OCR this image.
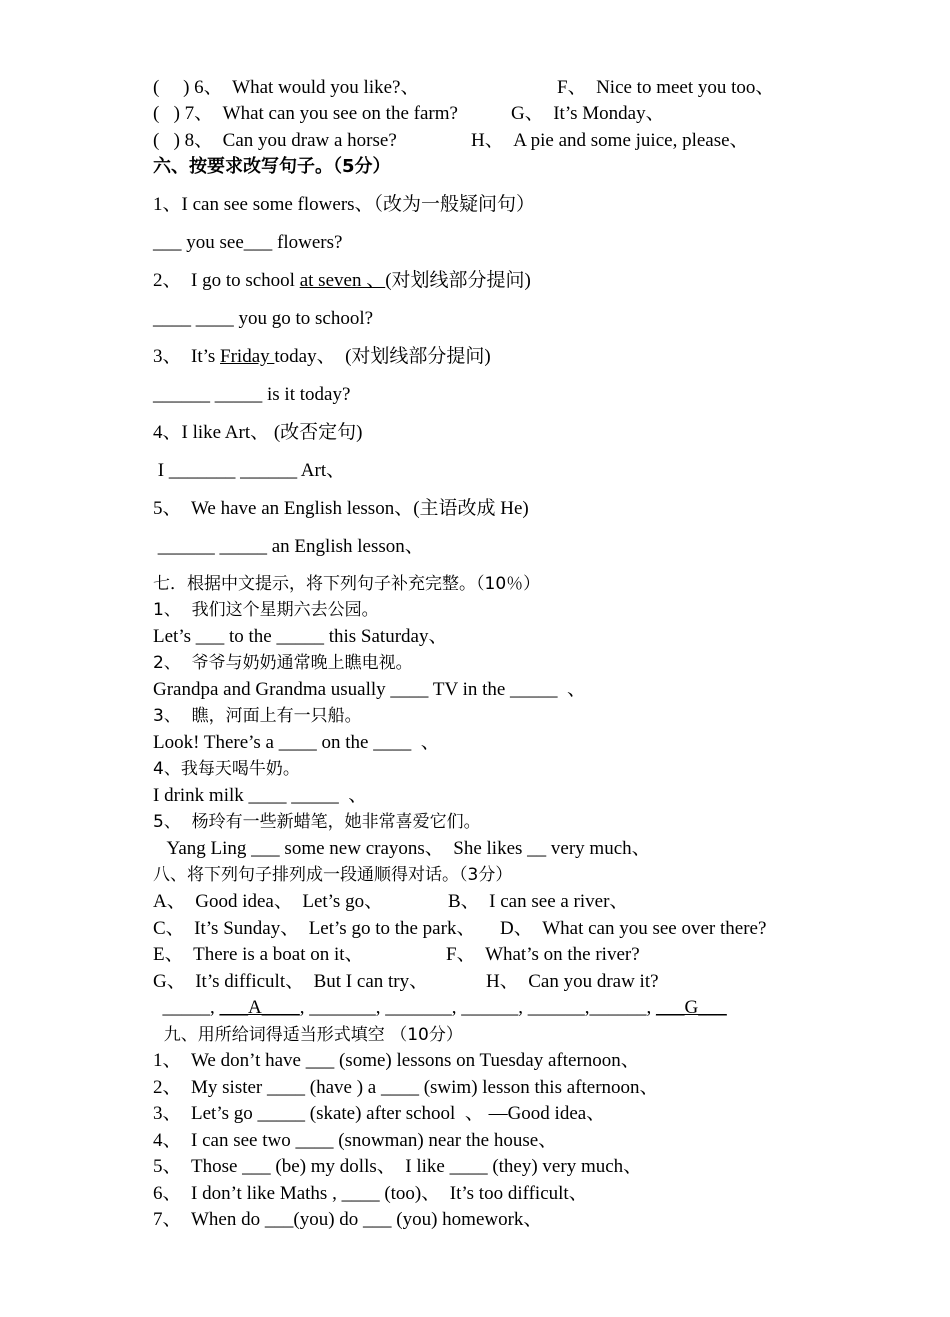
(     ) 6、  What would you like?、	F、  Nice to meet you too、
(   ) 7、  What can you see on the farm?	G、  It’s Monday、
(   ) 8、  Can you draw a horse?	H、  A pie and some juice, please、
六、按要求改写句子。（5分）
1、I can see some flowers、（改为一般疑问句）
___ you see___ flowers?
2、  I go to school at seven 、(对划线部分提问)
____ ____ you go to school?
3、  It’s Friday today、  (对划线部分提问)
______ _____ is it today?
4、I like Art、 (改否定句)
I _______ ______ Art、
5、  We have an English lesson、(主语改成 He)
______ _____ an English lesson、
七．根据中文提示，将下列句子补充完整。（10％）
1、  我们这个星期六去公园。
Let’s ___ to the _____ this Saturday、
2、  爷爷与奶奶通常晚上瞧电视。
Grandpa and Grandma usually ____ TV in the _____  、
3、  瞧，河面上有一只船。
Look! There’s a ____ on the ____  、
4、我每天喝牛奶。
I drink milk ____ _____  、
5、  杨玲有一些新蜡笔，她非常喜爱它们。
Yang Ling ___ some new crayons、  She likes __ very much、
八、将下列句子排列成一段通顺得对话。（3分）
A、  Good idea、  Let’s go、	B、  I can see a river、
C、  It’s Sunday、  Let’s go to the park、 D、  What can you see over there?
E、  There is a boat on it、	F、  What’s on the river?
G、  It’s difficult、  But I can try、	H、  Can you draw it?
_____, ___A____, _______, _______, ______, ______,______, ___G___
九、用所给词得适当形式填空 （10分）
1、  We don’t have ___ (some) lessons on Tuesday afternoon、
2、  My sister ____ (have ) a ____ (swim) lesson this afternoon、
3、  Let’s go _____ (skate) after school  、 —Good idea、
4、  I can see two ____ (snowman) near the house、
5、  Those ___ (be) my dolls、  I like ____ (they) very much、
6、  I don’t like Maths , ____ (too)、  It’s too difficult、
7、  When do ___(you) do ___ (you) homework、
